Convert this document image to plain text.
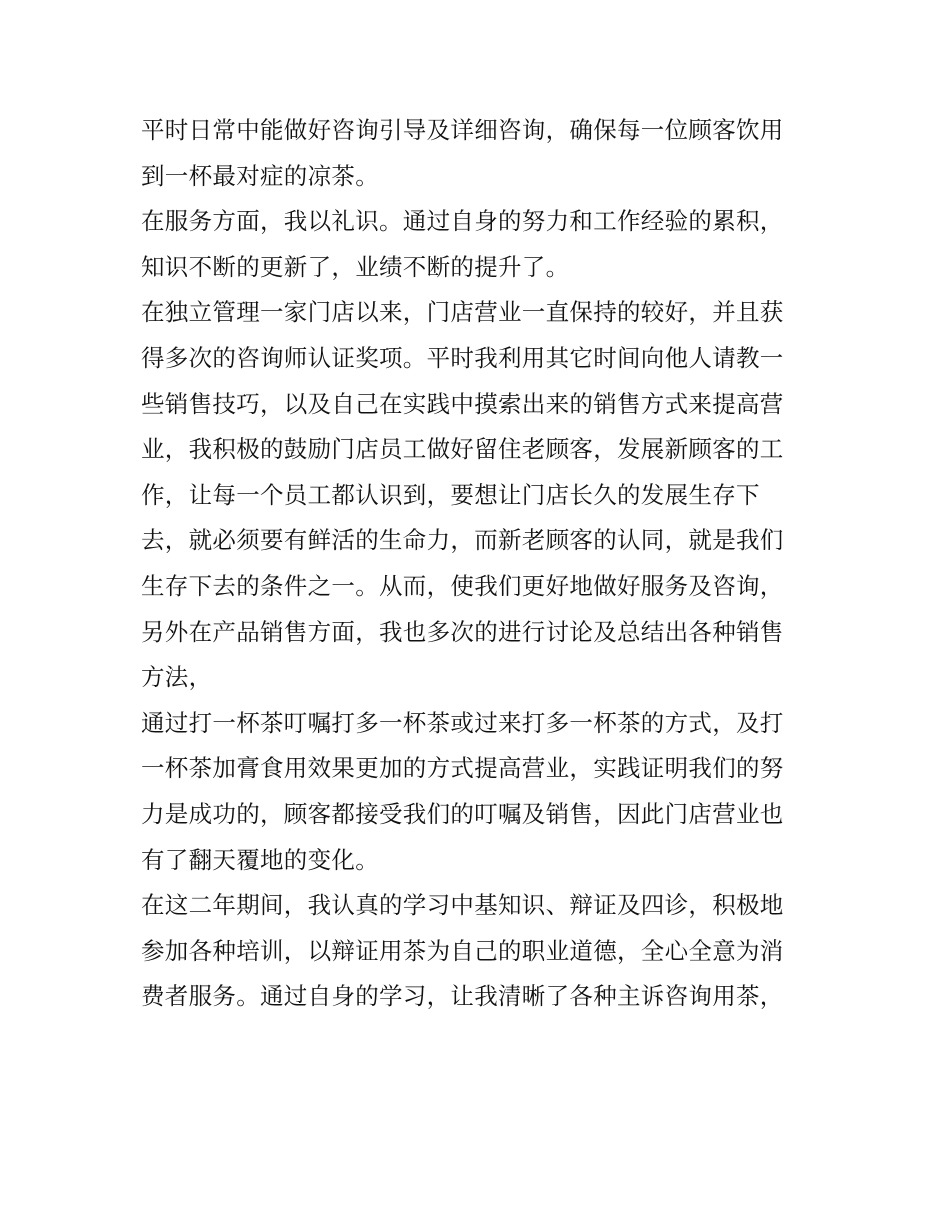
平时日常中能做好咨询引导及详细咨询，确保每一位顾客饮用
到一杯最对症的凉茶。
在服务方面，我以礼识。通过自身的努力和工作经验的累积，
知识不断的更新了，业绩不断的提升了。
在独立管理一家门店以来，门店营业一直保持的较好，并且获
得多次的咨询师认证奖项。平时我利用其它时间向他人请教一
些销售技巧，以及自己在实践中摸索出来的销售方式来提高营
业，我积极的鼓励门店员工做好留住老顾客，发展新顾客的工
作，让每一个员工都认识到，要想让门店长久的发展生存下
去，就必须要有鲜活的生命力，而新老顾客的认同，就是我们
生存下去的条件之一。从而，使我们更好地做好服务及咨询，
另外在产品销售方面，我也多次的进行讨论及总结出各种销售
方法，
通过打一杯茶叮嘱打多一杯茶或过来打多一杯茶的方式，及打
一杯茶加膏食用效果更加的方式提高营业，实践证明我们的努
力是成功的，顾客都接受我们的叮嘱及销售，因此门店营业也
有了翻天覆地的变化。
在这二年期间，我认真的学习中基知识、辩证及四诊，积极地
参加各种培训，以辩证用茶为自己的职业道德，全心全意为消
费者服务。通过自身的学习，让我清晰了各种主诉咨询用茶，
